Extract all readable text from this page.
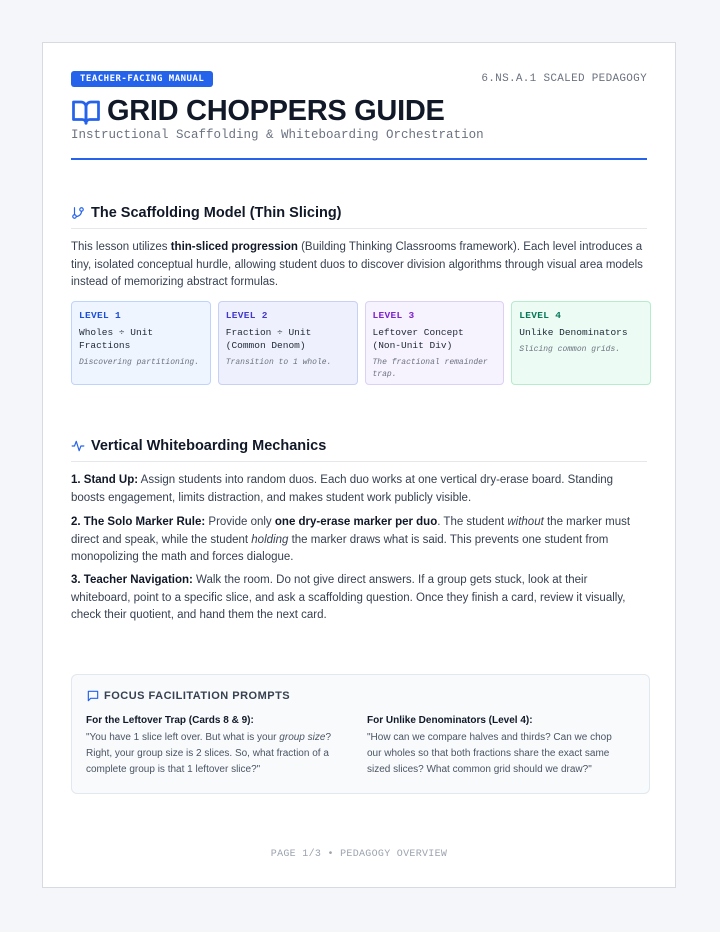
TEACHER-FACING MANUAL	6.NS.A.1 SCALED PEDAGOGY
GRID CHOPPERS GUIDE
Instructional Scaffolding & Whiteboarding Orchestration
The Scaffolding Model (Thin Slicing)
This lesson utilizes thin-sliced progression (Building Thinking Classrooms framework). Each level introduces a tiny, isolated conceptual hurdle, allowing student duos to discover division algorithms through visual area models instead of memorizing abstract formulas.
LEVEL 1
Wholes ÷ Unit Fractions
Discovering partitioning.
LEVEL 2
Fraction ÷ Unit (Common Denom)
Transition to 1 whole.
LEVEL 3
Leftover Concept (Non-Unit Div)
The fractional remainder trap.
LEVEL 4
Unlike Denominators
Slicing common grids.
Vertical Whiteboarding Mechanics
1. Stand Up: Assign students into random duos. Each duo works at one vertical dry-erase board. Standing boosts engagement, limits distraction, and makes student work publicly visible.
2. The Solo Marker Rule: Provide only one dry-erase marker per duo. The student without the marker must direct and speak, while the student holding the marker draws what is said. This prevents one student from monopolizing the math and forces dialogue.
3. Teacher Navigation: Walk the room. Do not give direct answers. If a group gets stuck, look at their whiteboard, point to a specific slice, and ask a scaffolding question. Once they finish a card, review it visually, check their quotient, and hand them the next card.
FOCUS FACILITATION PROMPTS
For the Leftover Trap (Cards 8 & 9):
"You have 1 slice left over. But what is your group size? Right, your group size is 2 slices. So, what fraction of a complete group is that 1 leftover slice?"
For Unlike Denominators (Level 4):
"How can we compare halves and thirds? Can we chop our wholes so that both fractions share the exact same sized slices? What common grid should we draw?"
PAGE 1/3 • PEDAGOGY OVERVIEW
